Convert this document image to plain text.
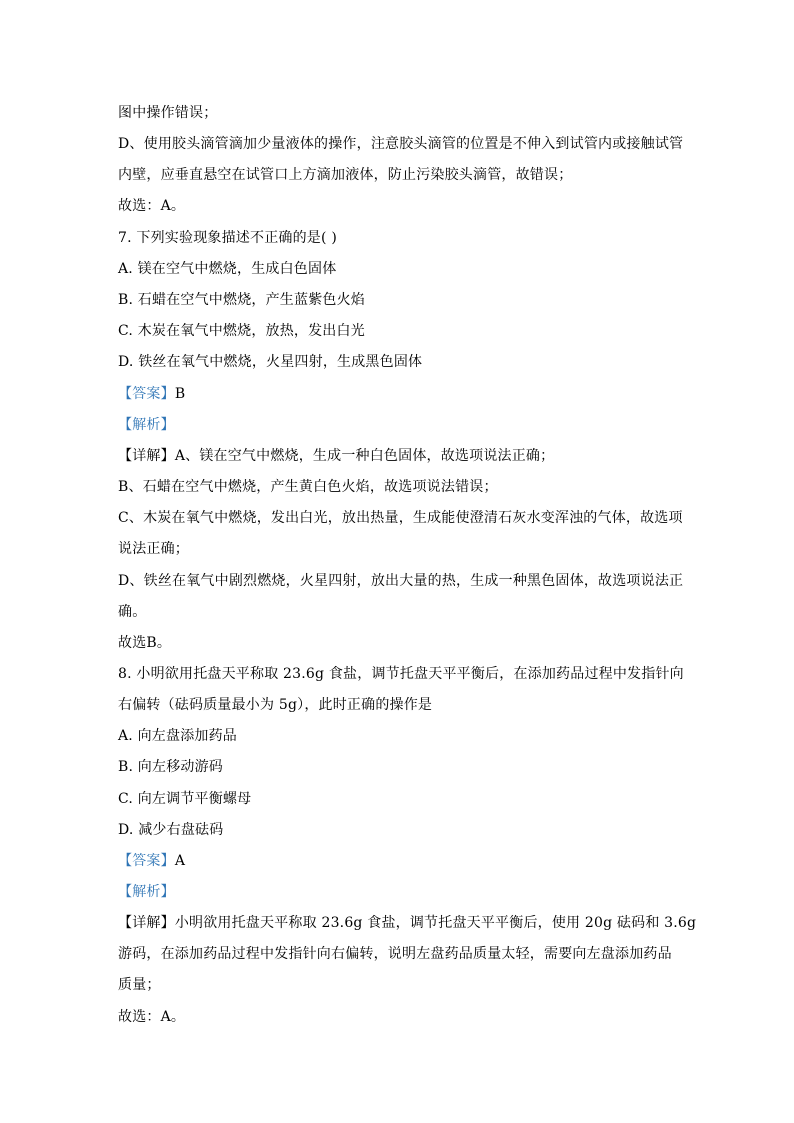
图中操作错误；
D、使用胶头滴管滴加少量液体的操作，注意胶头滴管的位置是不伸入到试管内或接触试管
内壁，应垂直悬空在试管口上方滴加液体，防止污染胶头滴管，故错误；
故选：A。
7. 下列实验现象描述不正确的是( )
A. 镁在空气中燃烧，生成白色固体
B. 石蜡在空气中燃烧，产生蓝紫色火焰
C. 木炭在氧气中燃烧，放热，发出白光
D. 铁丝在氧气中燃烧，火星四射，生成黑色固体
【答案】B
【解析】
【详解】A、镁在空气中燃烧，生成一种白色固体，故选项说法正确；
B、石蜡在空气中燃烧，产生黄白色火焰，故选项说法错误；
C、木炭在氧气中燃烧，发出白光，放出热量，生成能使澄清石灰水变浑浊的气体，故选项
说法正确；
D、铁丝在氧气中剧烈燃烧，火星四射，放出大量的热，生成一种黑色固体，故选项说法正
确。
故选B。
8. 小明欲用托盘天平称取 23.6g 食盐，调节托盘天平平衡后，在添加药品过程中发指针向
右偏转（砝码质量最小为 5g），此时正确的操作是
A. 向左盘添加药品
B. 向左移动游码
C. 向左调节平衡螺母
D. 减少右盘砝码
【答案】A
【解析】
【详解】小明欲用托盘天平称取 23.6g 食盐，调节托盘天平平衡后，使用 20g 砝码和 3.6g
游码，在添加药品过程中发指针向右偏转，说明左盘药品质量太轻，需要向左盘添加药品
质量；
故选：A。
